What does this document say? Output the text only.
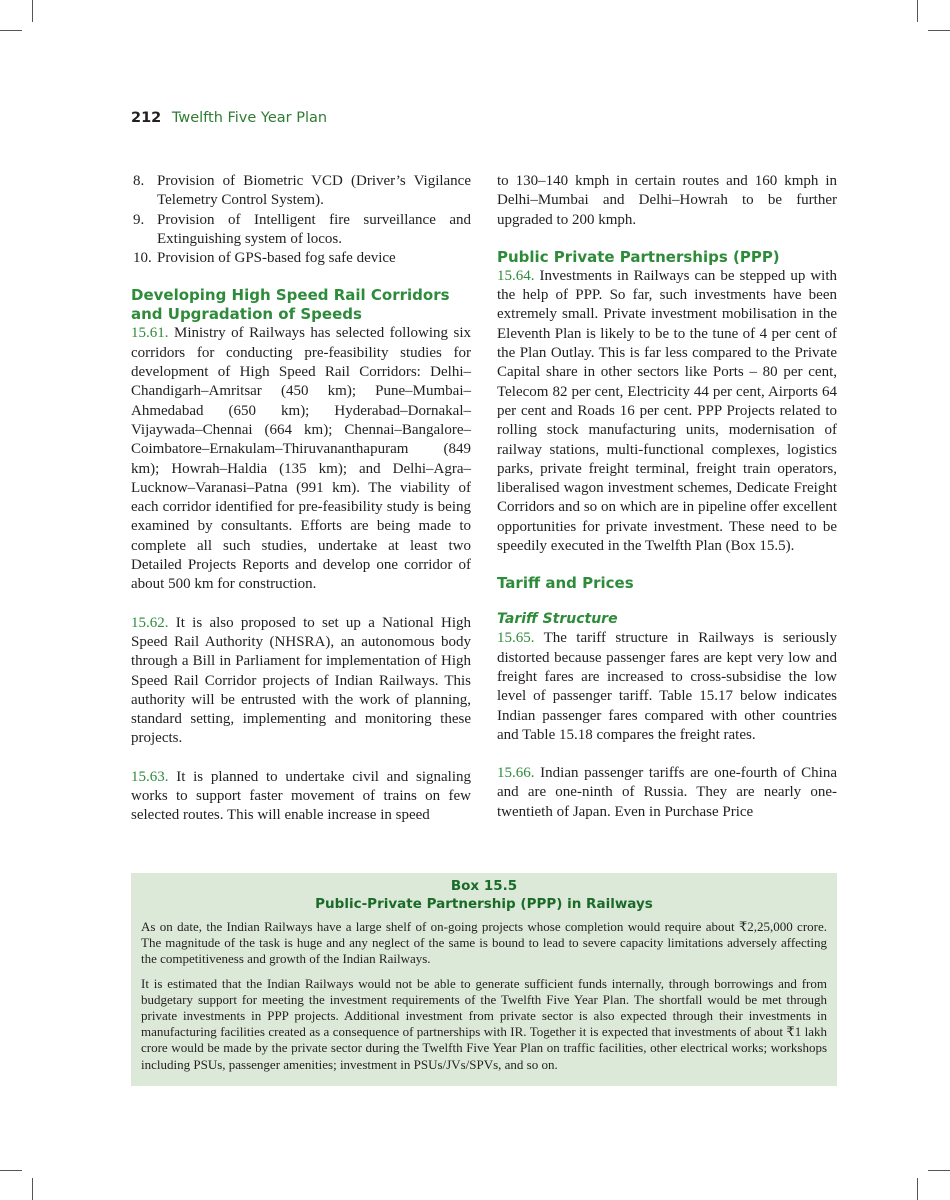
212 Twelfth Five Year Plan
8. Provision of Biometric VCD (Driver’s Vigilance Telemetry Control System).
9. Provision of Intelligent fire surveillance and Extinguishing system of locos.
10. Provision of GPS-based fog safe device
Developing High Speed Rail Corridors and Upgradation of Speeds

15.61. Ministry of Railways has selected following six corridors for conducting pre-feasibility studies for development of High Speed Rail Corridors: Delhi–Chandigarh–Amritsar (450 km); Pune–Mumbai–Ahmedabad (650 km); Hyderabad–Dornakal–Vijaywada–Chennai (664 km); Chennai–Bangalore–Coimbatore–Ernakulam–Thiruvananthapuram (849 km); Howrah–Haldia (135 km); and Delhi–Agra–Lucknow–Varanasi–Patna (991 km). The viability of each corridor identified for pre-feasibility study is being examined by consultants. Efforts are being made to complete all such studies, undertake at least two Detailed Projects Reports and develop one corridor of about 500 km for construction.

15.62. It is also proposed to set up a National High Speed Rail Authority (NHSRA), an autonomous body through a Bill in Parliament for implementation of High Speed Rail Corridor projects of Indian Railways. This authority will be entrusted with the work of planning, standard setting, implementing and monitoring these projects.

15.63. It is planned to undertake civil and signaling works to support faster movement of trains on few selected routes. This will enable increase in speed

to 130–140 kmph in certain routes and 160 kmph in Delhi–Mumbai and Delhi–Howrah to be further upgraded to 200 kmph.

Public Private Partnerships (PPP)

15.64. Investments in Railways can be stepped up with the help of PPP. So far, such investments have been extremely small. Private investment mobilisation in the Eleventh Plan is likely to be to the tune of 4 per cent of the Plan Outlay. This is far less compared to the Private Capital share in other sectors like Ports – 80 per cent, Telecom 82 per cent, Electricity 44 per cent, Airports 64 per cent and Roads 16 per cent. PPP Projects related to rolling stock manufacturing units, modernisation of railway stations, multi-functional complexes, logistics parks, private freight terminal, freight train operators, liberalised wagon investment schemes, Dedicate Freight Corridors and so on which are in pipeline offer excellent opportunities for private investment. These need to be speedily executed in the Twelfth Plan (Box 15.5).

Tariff and Prices
Tariff Structure

15.65. The tariff structure in Railways is seriously distorted because passenger fares are kept very low and freight fares are increased to cross-subsidise the low level of passenger tariff. Table 15.17 below indicates Indian passenger fares compared with other countries and Table 15.18 compares the freight rates.

15.66. Indian passenger tariffs are one-fourth of China and are one-ninth of Russia. They are nearly one-twentieth of Japan. Even in Purchase Price

Box 15.5
Public-Private Partnership (PPP) in Railways

As on date, the Indian Railways have a large shelf of on-going projects whose completion would require about ₹2,25,000 crore. The magnitude of the task is huge and any neglect of the same is bound to lead to severe capacity limitations adversely affecting the competitiveness and growth of the Indian Railways.

It is estimated that the Indian Railways would not be able to generate sufficient funds internally, through borrowings and from budgetary support for meeting the investment requirements of the Twelfth Five Year Plan. The shortfall would be met through private investments in PPP projects. Additional investment from private sector is also expected through their investments in manufacturing facilities created as a consequence of partnerships with IR. Together it is expected that investments of about ₹1 lakh crore would be made by the private sector during the Twelfth Five Year Plan on traffic facilities, other electrical works; workshops including PSUs, passenger amenities; investment in PSUs/JVs/SPVs, and so on.
